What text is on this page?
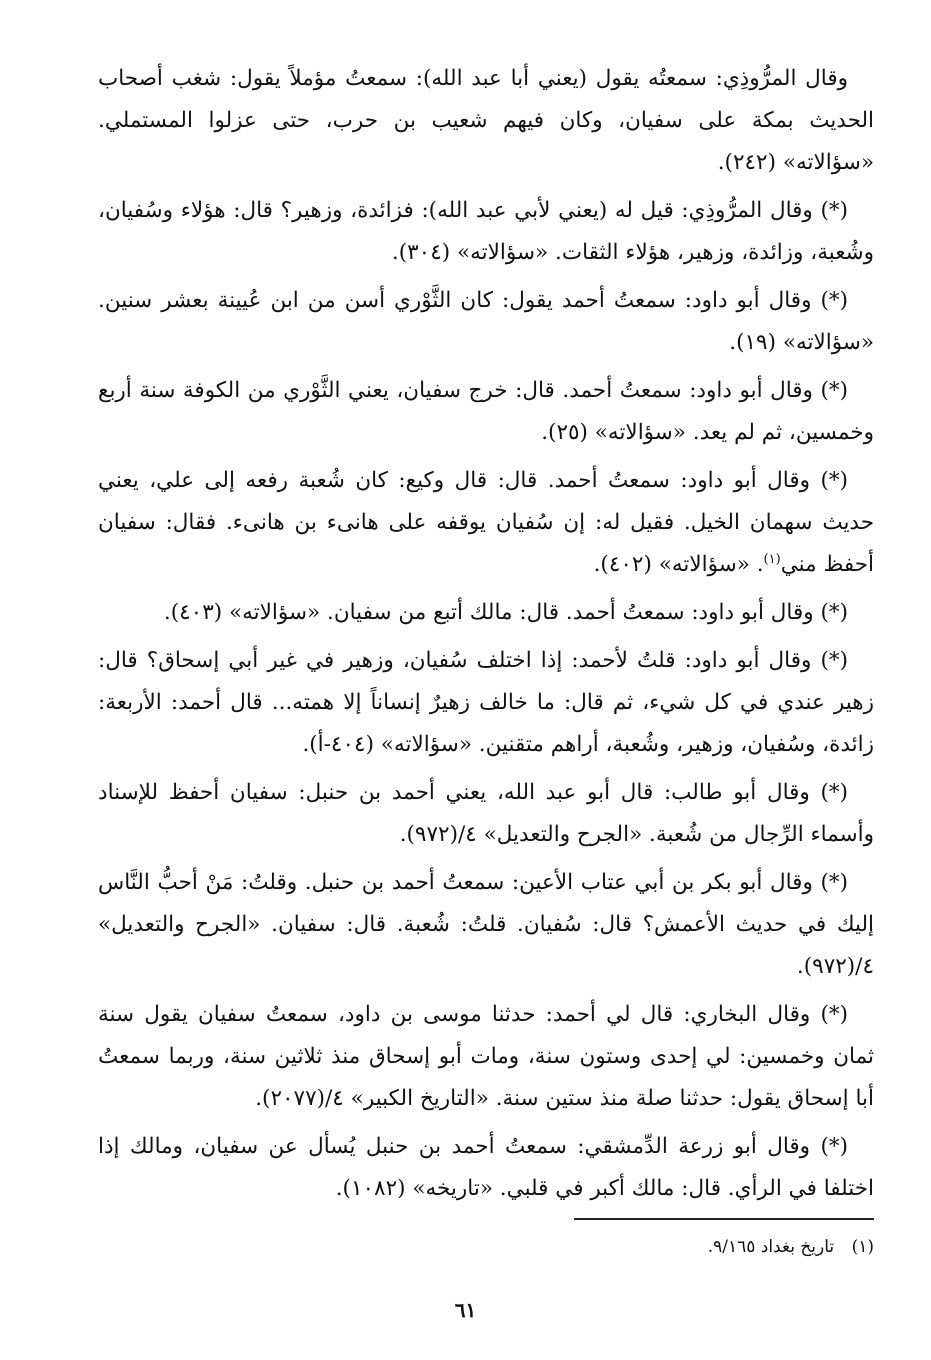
وقال المرُّوذِي: سمعتُه يقول (يعني أبا عبد الله): سمعتُ مؤملاً يقول: شغب أصحاب الحديث بمكة على سفيان، وكان فيهم شعيب بن حرب، حتى عزلوا المستملي. «سؤالاته» (٢٤٢).

(*) وقال المرُّوذِي: قيل له (يعني لأبي عبد الله): فزائدة، وزهير؟ قال: هؤلاء وسُفيان، وشُعبة، وزائدة، وزهير، هؤلاء الثقات. «سؤالاته» (٣٠٤).

(*) وقال أبو داود: سمعتُ أحمد يقول: كان الثَّوْري أسن من ابن عُيينة بعشر سنين. «سؤالاته» (١٩).

(*) وقال أبو داود: سمعتُ أحمد. قال: خرج سفيان، يعني الثَّوْري من الكوفة سنة أربع وخمسين، ثم لم يعد. «سؤالاته» (٢٥).

(*) وقال أبو داود: سمعتُ أحمد. قال: قال وكيع: كان شُعبة رفعه إلى علي، يعني حديث سهمان الخيل. فقيل له: إن سُفيان يوقفه على هانىء بن هانىء. فقال: سفيان أحفظ مني$^{(١)}$. «سؤالاته» (٤٠٢).

(*) وقال أبو داود: سمعتُ أحمد. قال: مالك أتبع من سفيان. «سؤالاته» (٤٠٣).

(*) وقال أبو داود: قلتُ لأحمد: إذا اختلف سُفيان، وزهير في غير أبي إسحاق؟ قال: زهير عندي في كل شيء، ثم قال: ما خالف زهيرٌ إنساناً إلا همته... قال أحمد: الأربعة: زائدة، وسُفيان، وزهير، وشُعبة، أراهم متقنين. «سؤالاته» (٤٠٤-أ).

(*) وقال أبو طالب: قال أبو عبد الله، يعني أحمد بن حنبل: سفيان أحفظ للإسناد وأسماء الرِّجال من شُعبة. «الجرح والتعديل» ٤/(٩٧٢).

(*) وقال أبو بكر بن أبي عتاب الأعين: سمعتُ أحمد بن حنبل. وقلتُ: مَنْ أحبُّ النَّاس إليك في حديث الأعمش؟ قال: سُفيان. قلتُ: شُعبة. قال: سفيان. «الجرح والتعديل» ٤/(٩٧٢).

(*) وقال البخاري: قال لي أحمد: حدثنا موسى بن داود، سمعتُ سفيان يقول سنة ثمان وخمسين: لي إحدى وستون سنة، ومات أبو إسحاق منذ ثلاثين سنة، وربما سمعتُ أبا إسحاق يقول: حدثنا صلة منذ ستين سنة. «التاريخ الكبير» ٤/(٢٠٧٧).

(*) وقال أبو زرعة الدِّمشقي: سمعتُ أحمد بن حنبل يُسأل عن سفيان، ومالك إذا اختلفا في الرأي. قال: مالك أكبر في قلبي. «تاريخه» (١٠٨٢).

(١) تاريخ بغداد ٩/١٦٥.
٦١
